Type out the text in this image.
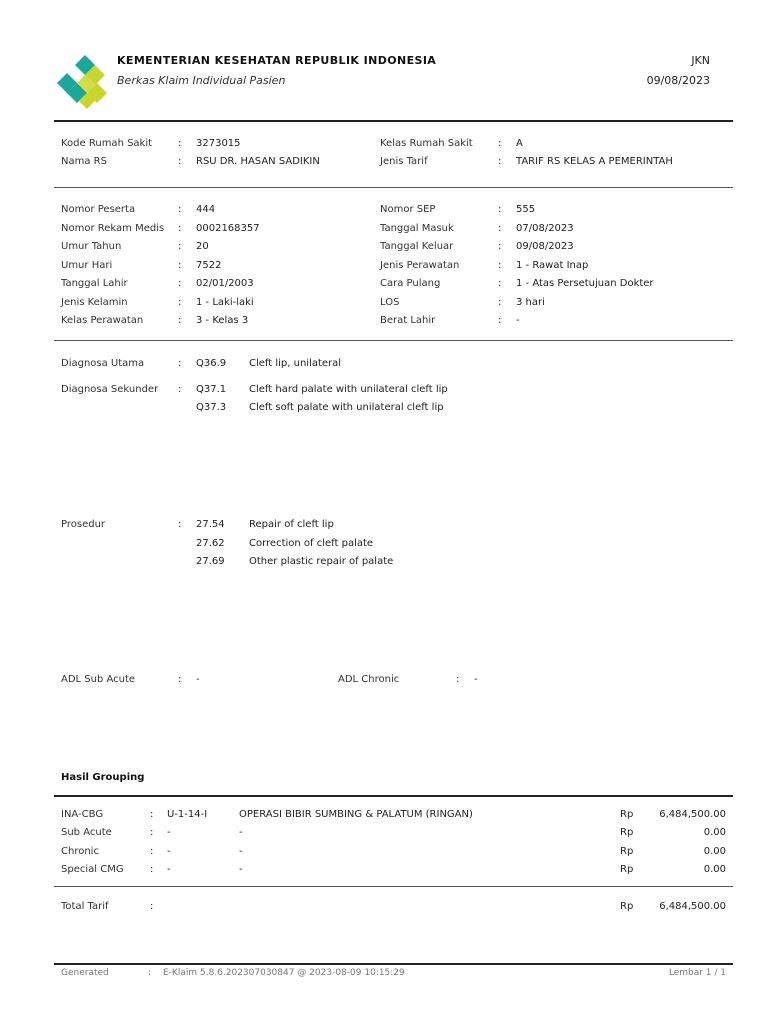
KEMENTERIAN KESEHATAN REPUBLIK INDONESIA
Berkas Klaim Individual Pasien
JKN
09/08/2023
Kode Rumah Sakit	: 3273015
Nama RS	: RSU DR. HASAN SADIKIN
Kelas Rumah Sakit	: A
Jenis Tarif	: TARIF RS KELAS A PEMERINTAH
Nomor Peserta	: 444
Nomor Rekam Medis : 0002168357
Umur Tahun	: 20
Umur Hari	: 7522
Tanggal Lahir	: 02/01/2003
Jenis Kelamin	: 1 - Laki-laki
Kelas Perawatan	: 3 - Kelas 3
Nomor SEP	: 555
Tanggal Masuk	: 07/08/2023
Tanggal Keluar	: 09/08/2023
Jenis Perawatan	: 1 - Rawat Inap
Cara Pulang	: 1 - Atas Persetujuan Dokter
LOS	: 3 hari
Berat Lahir	: -
Diagnosa Utama	: Q36.9 Cleft lip, unilateral
Diagnosa Sekunder : Q37.1 Cleft hard palate with unilateral cleft lip
Q37.3 Cleft soft palate with unilateral cleft lip
Prosedur	: 27.54 Repair of cleft lip
27.62 Correction of cleft palate
27.69 Other plastic repair of palate
ADL Sub Acute	: -	ADL Chronic	: -
Hasil Grouping
INA-CBG	: U-1-14-I	OPERASI BIBIR SUMBING & PALATUM (RINGAN)	Rp	6,484,500.00
Sub Acute	: -	-	Rp	0.00
Chronic	: -	-	Rp	0.00
Special CMG	: -	-	Rp	0.00
Total Tarif	:	Rp	6,484,500.00
Generated	: E-Klaim 5.8.6.202307030847 @ 2023-08-09 10:15:29	Lembar 1 / 1
